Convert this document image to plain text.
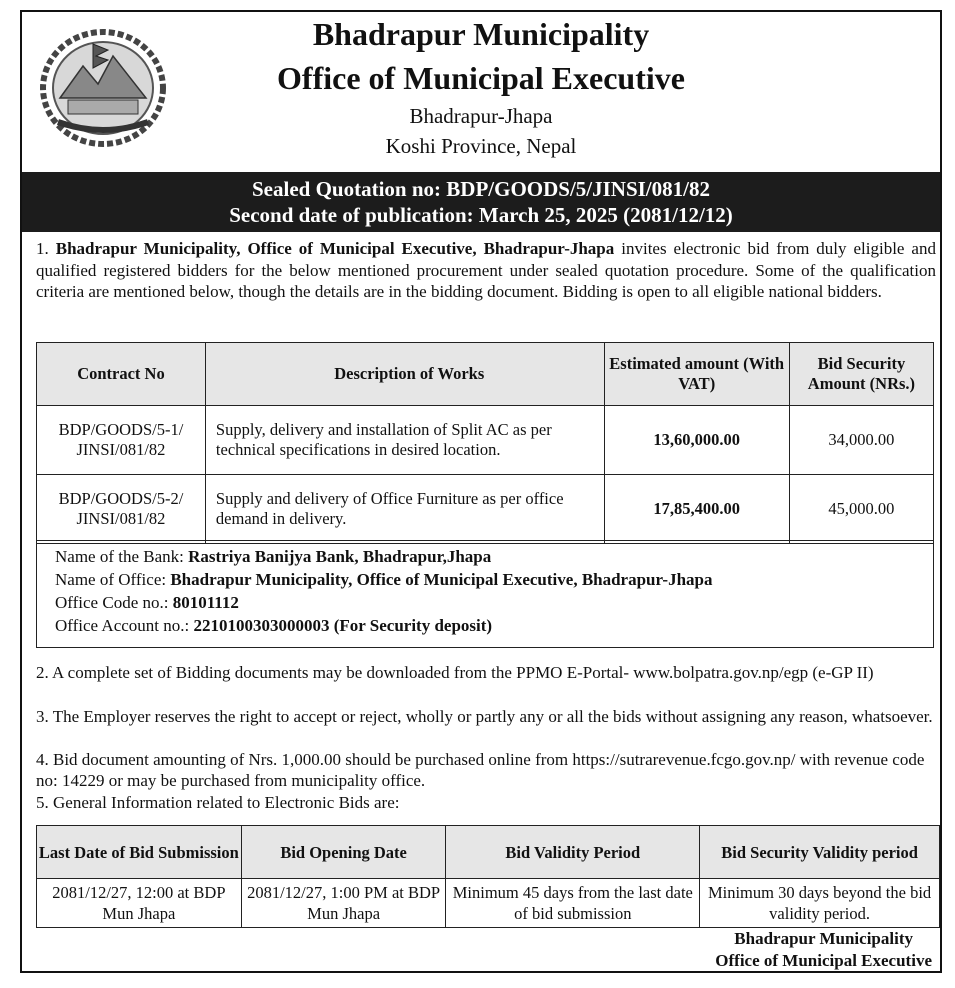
Bhadrapur Municipality
Office of Municipal Executive
Bhadrapur-Jhapa
Koshi Province, Nepal
Sealed Quotation no: BDP/GOODS/5/JINSI/081/82
Second date of publication: March 25, 2025 (2081/12/12)
1. Bhadrapur Municipality, Office of Municipal Executive, Bhadrapur-Jhapa invites electronic bid from duly eligible and qualified registered bidders for the below mentioned procurement under sealed quotation procedure. Some of the qualification criteria are mentioned below, though the details are in the bidding document. Bidding is open to all eligible national bidders.
Contract No	Description of Works	Estimated amount (With VAT)	Bid Security Amount (NRs.)
BDP/GOODS/5-1/ JINSI/081/82	Supply, delivery and installation of Split AC as per technical specifications in desired location.	13,60,000.00	34,000.00
BDP/GOODS/5-2/ JINSI/081/82	Supply and delivery of Office Furniture as per office demand in delivery.	17,85,400.00	45,000.00
Name of the Bank: Rastriya Banijya Bank, Bhadrapur,Jhapa
Name of Office: Bhadrapur Municipality, Office of Municipal Executive, Bhadrapur-Jhapa
Office Code no.: 80101112
Office Account no.: 2210100303000003 (For Security deposit)
2. A complete set of Bidding documents may be downloaded from the PPMO E-Portal- www.bolpatra.gov.np/egp (e-GP II)
3. The Employer reserves the right to accept or reject, wholly or partly any or all the bids without assigning any reason, whatsoever.
4. Bid document amounting of Nrs. 1,000.00 should be purchased online from https://sutrarevenue.fcgo.gov.np/ with revenue code no: 14229 or may be purchased from municipality office.
5. General Information related to Electronic Bids are:
Last Date of Bid Submission	Bid Opening Date	Bid Validity Period	Bid Security Validity period
2081/12/27, 12:00 at BDP Mun Jhapa	2081/12/27, 1:00 PM at BDP Mun Jhapa	Minimum 45 days from the last date of bid submission	Minimum 30 days beyond the bid validity period.
Bhadrapur Municipality
Office of Municipal Executive
